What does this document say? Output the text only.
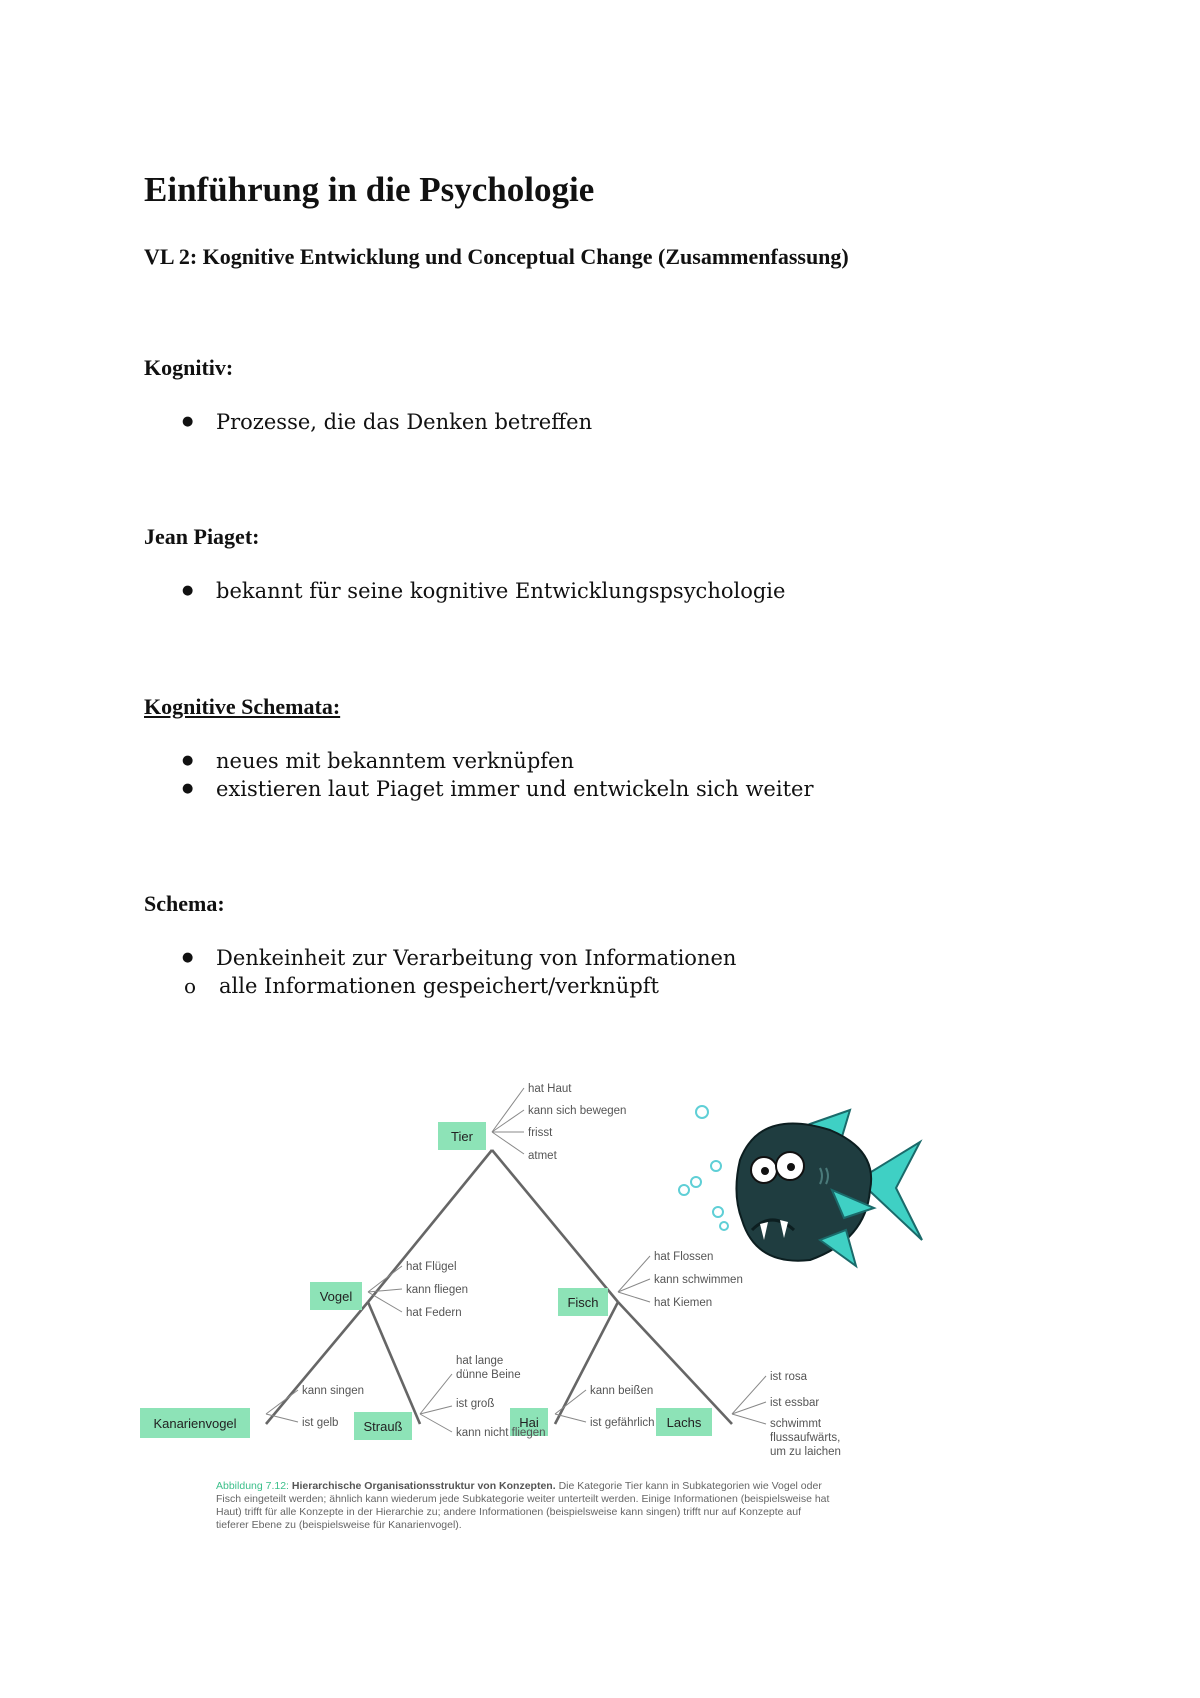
Einführung in die Psychologie
VL 2: Kognitive Entwicklung und Conceptual Change (Zusammenfassung)

Kognitiv:

● Prozesse, die das Denken betreffen

Jean Piaget:

● bekannt für seine kognitive Entwicklungspsychologie

Kognitive Schemata:

● neues mit bekanntem verknüpfen
● existieren laut Piaget immer und entwickeln sich weiter

Schema:

● Denkeinheit zur Verarbeitung von Informationen
o alle Informationen gespeichert/verknüpft
Tier
Vogel	Fisch
Kanarienvogel	Strauß	Hai	Lachs
hat Haut
kann sich bewegen
frisst
atmet
hat Flügel
kann fliegen
hat Federn
hat Flossen
kann schwimmen
hat Kiemen
kann singen
ist gelb
hat lange
dünne Beine
ist groß
kann nicht fliegen
kann beißen
ist gefährlich
ist rosa
ist essbar
schwimmt
flussaufwärts,
um zu laichen
Abbildung 7.12: Hierarchische Organisationsstruktur von Konzepten. Die Kategorie Tier kann in Subkategorien wie Vogel oder Fisch eingeteilt werden; ähnlich kann wiederum jede Subkategorie weiter unterteilt werden. Einige Informationen (beispielsweise hat Haut) trifft für alle Konzepte in der Hierarchie zu; andere Informationen (beispielsweise kann singen) trifft nur auf Konzepte auf tieferer Ebene zu (beispielsweise für Kanarienvogel).
